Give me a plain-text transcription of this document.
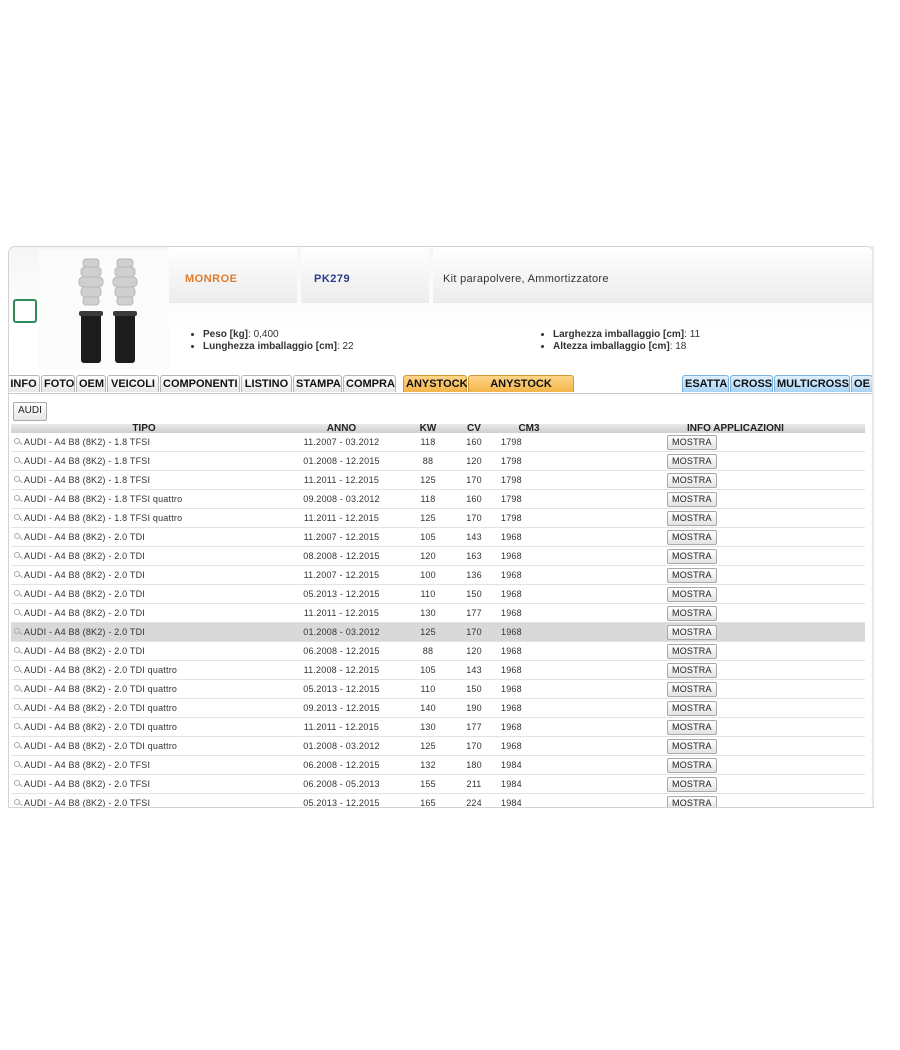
MONROE	PK279	Kit parapolvere, Ammortizzatore
• Peso [kg]: 0,400
• Lunghezza imballaggio [cm]: 22
• Larghezza imballaggio [cm]: 11
• Altezza imballaggio [cm]: 18
INFO FOTO OEM VEICOLI COMPONENTI LISTINO STAMPA COMPRA ANYSTOCK	ANYSTOCK	ESATTA CROSS MULTICROSS OE
AUDI
TIPO	ANNO	KW	CV	CM3	INFO APPLICAZIONI
AUDI - A4 B8 (8K2) - 1.8 TFSI	11.2007 - 03.2012	118	160	1798	MOSTRA
AUDI - A4 B8 (8K2) - 1.8 TFSI	01.2008 - 12.2015	88	120	1798	MOSTRA
AUDI - A4 B8 (8K2) - 1.8 TFSI	11.2011 - 12.2015	125	170	1798	MOSTRA
AUDI - A4 B8 (8K2) - 1.8 TFSI quattro	09.2008 - 03.2012	118	160	1798	MOSTRA
AUDI - A4 B8 (8K2) - 1.8 TFSI quattro	11.2011 - 12.2015	125	170	1798	MOSTRA
AUDI - A4 B8 (8K2) - 2.0 TDI	11.2007 - 12.2015	105	143	1968	MOSTRA
AUDI - A4 B8 (8K2) - 2.0 TDI	08.2008 - 12.2015	120	163	1968	MOSTRA
AUDI - A4 B8 (8K2) - 2.0 TDI	11.2007 - 12.2015	100	136	1968	MOSTRA
AUDI - A4 B8 (8K2) - 2.0 TDI	05.2013 - 12.2015	110	150	1968	MOSTRA
AUDI - A4 B8 (8K2) - 2.0 TDI	11.2011 - 12.2015	130	177	1968	MOSTRA
AUDI - A4 B8 (8K2) - 2.0 TDI	01.2008 - 03.2012	125	170	1968	MOSTRA
AUDI - A4 B8 (8K2) - 2.0 TDI	06.2008 - 12.2015	88	120	1968	MOSTRA
AUDI - A4 B8 (8K2) - 2.0 TDI quattro	11.2008 - 12.2015	105	143	1968	MOSTRA
AUDI - A4 B8 (8K2) - 2.0 TDI quattro	05.2013 - 12.2015	110	150	1968	MOSTRA
AUDI - A4 B8 (8K2) - 2.0 TDI quattro	09.2013 - 12.2015	140	190	1968	MOSTRA
AUDI - A4 B8 (8K2) - 2.0 TDI quattro	11.2011 - 12.2015	130	177	1968	MOSTRA
AUDI - A4 B8 (8K2) - 2.0 TDI quattro	01.2008 - 03.2012	125	170	1968	MOSTRA
AUDI - A4 B8 (8K2) - 2.0 TFSI	06.2008 - 12.2015	132	180	1984	MOSTRA
AUDI - A4 B8 (8K2) - 2.0 TFSI	06.2008 - 05.2013	155	211	1984	MOSTRA
AUDI - A4 B8 (8K2) - 2.0 TFSI	05.2013 - 12.2015	165	224	1984	MOSTRA
